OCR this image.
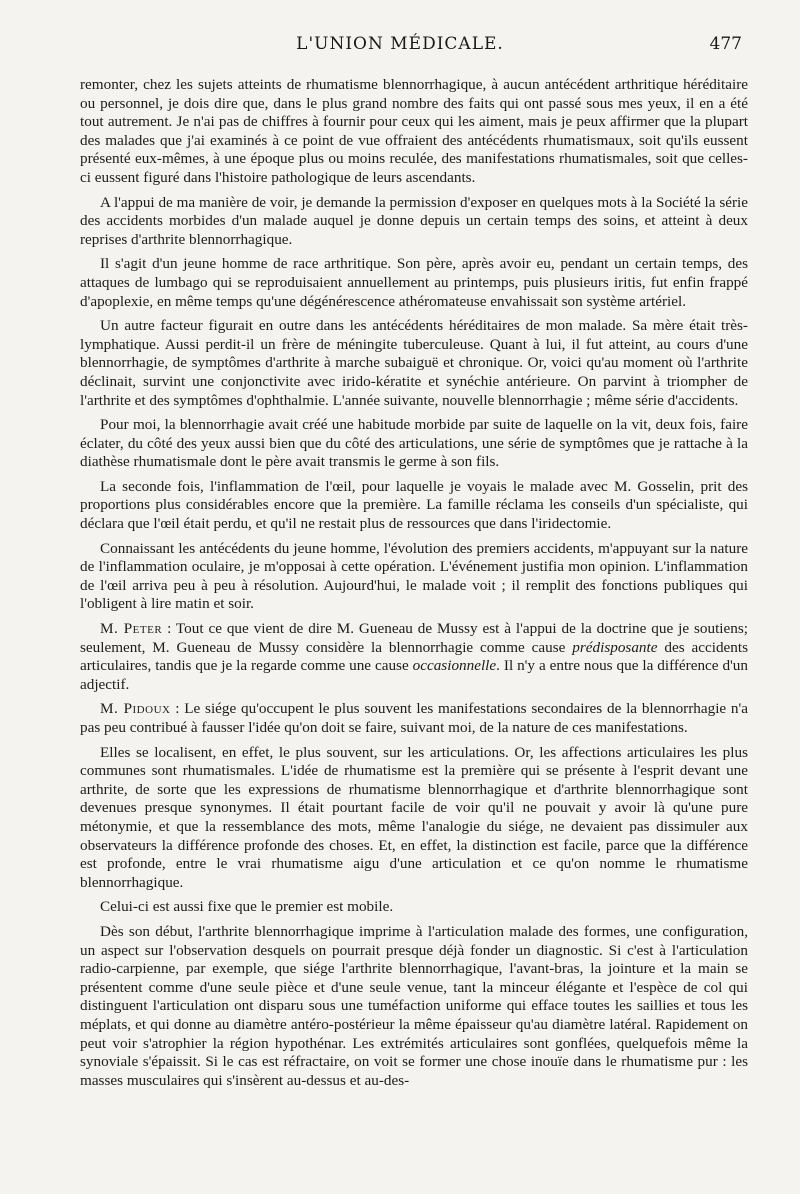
L'UNION MÉDICALE.	477

remonter, chez les sujets atteints de rhumatisme blennorrhagique, à aucun antécédent arthritique héréditaire ou personnel, je dois dire que, dans le plus grand nombre des faits qui ont passé sous mes yeux, il en a été tout autrement. Je n'ai pas de chiffres à fournir pour ceux qui les aiment, mais je peux affirmer que la plupart des malades que j'ai examinés à ce point de vue offraient des antécédents rhumatismaux, soit qu'ils eussent présenté eux-mêmes, à une époque plus ou moins reculée, des manifestations rhumatismales, soit que celles-ci eussent figuré dans l'histoire pathologique de leurs ascendants.

A l'appui de ma manière de voir, je demande la permission d'exposer en quelques mots à la Société la série des accidents morbides d'un malade auquel je donne depuis un certain temps des soins, et atteint à deux reprises d'arthrite blennorrhagique.

Il s'agit d'un jeune homme de race arthritique. Son père, après avoir eu, pendant un certain temps, des attaques de lumbago qui se reproduisaient annuellement au printemps, puis plusieurs iritis, fut enfin frappé d'apoplexie, en même temps qu'une dégénérescence athéromateuse envahissait son système artériel.

Un autre facteur figurait en outre dans les antécédents héréditaires de mon malade. Sa mère était très-lymphatique. Aussi perdit-il un frère de méningite tuberculeuse. Quant à lui, il fut atteint, au cours d'une blennorrhagie, de symptômes d'arthrite à marche subaiguë et chronique. Or, voici qu'au moment où l'arthrite déclinait, survint une conjonctivite avec irido-kératite et synéchie antérieure. On parvint à triompher de l'arthrite et des symptômes d'ophthalmie. L'année suivante, nouvelle blennorrhagie ; même série d'accidents.

Pour moi, la blennorrhagie avait créé une habitude morbide par suite de laquelle on la vit, deux fois, faire éclater, du côté des yeux aussi bien que du côté des articulations, une série de symptômes que je rattache à la diathèse rhumatismale dont le père avait transmis le germe à son fils.

La seconde fois, l'inflammation de l'œil, pour laquelle je voyais le malade avec M. Gosselin, prit des proportions plus considérables encore que la première. La famille réclama les conseils d'un spécialiste, qui déclara que l'œil était perdu, et qu'il ne restait plus de ressources que dans l'iridectomie.

Connaissant les antécédents du jeune homme, l'évolution des premiers accidents, m'appuyant sur la nature de l'inflammation oculaire, je m'opposai à cette opération. L'événement justifia mon opinion. L'inflammation de l'œil arriva peu à peu à résolution. Aujourd'hui, le malade voit ; il remplit des fonctions publiques qui l'obligent à lire matin et soir.

M. Peter : Tout ce que vient de dire M. Gueneau de Mussy est à l'appui de la doctrine que je soutiens; seulement, M. Gueneau de Mussy considère la blennorrhagie comme cause prédisposante des accidents articulaires, tandis que je la regarde comme une cause occasionnelle. Il n'y a entre nous que la différence d'un adjectif.

M. Pidoux : Le siége qu'occupent le plus souvent les manifestations secondaires de la blennorrhagie n'a pas peu contribué à fausser l'idée qu'on doit se faire, suivant moi, de la nature de ces manifestations.

Elles se localisent, en effet, le plus souvent, sur les articulations. Or, les affections articulaires les plus communes sont rhumatismales. L'idée de rhumatisme est la première qui se présente à l'esprit devant une arthrite, de sorte que les expressions de rhumatisme blennorrhagique et d'arthrite blennorrhagique sont devenues presque synonymes. Il était pourtant facile de voir qu'il ne pouvait y avoir là qu'une pure métonymie, et que la ressemblance des mots, même l'analogie du siége, ne devaient pas dissimuler aux observateurs la différence profonde des choses. Et, en effet, la distinction est facile, parce que la différence est profonde, entre le vrai rhumatisme aigu d'une articulation et ce qu'on nomme le rhumatisme blennorrhagique.

Celui-ci est aussi fixe que le premier est mobile.

Dès son début, l'arthrite blennorrhagique imprime à l'articulation malade des formes, une configuration, un aspect sur l'observation desquels on pourrait presque déjà fonder un diagnostic. Si c'est à l'articulation radio-carpienne, par exemple, que siége l'arthrite blennorrhagique, l'avant-bras, la jointure et la main se présentent comme d'une seule pièce et d'une seule venue, tant la minceur élégante et l'espèce de col qui distinguent l'articulation ont disparu sous une tuméfaction uniforme qui efface toutes les saillies et tous les méplats, et qui donne au diamètre antéro-postérieur la même épaisseur qu'au diamètre latéral. Rapidement on peut voir s'atrophier la région hypothénar. Les extrémités articulaires sont gonflées, quelquefois même la synoviale s'épaissit. Si le cas est réfractaire, on voit se former une chose inouïe dans le rhumatisme pur : les masses musculaires qui s'insèrent au-dessus et au-des-
